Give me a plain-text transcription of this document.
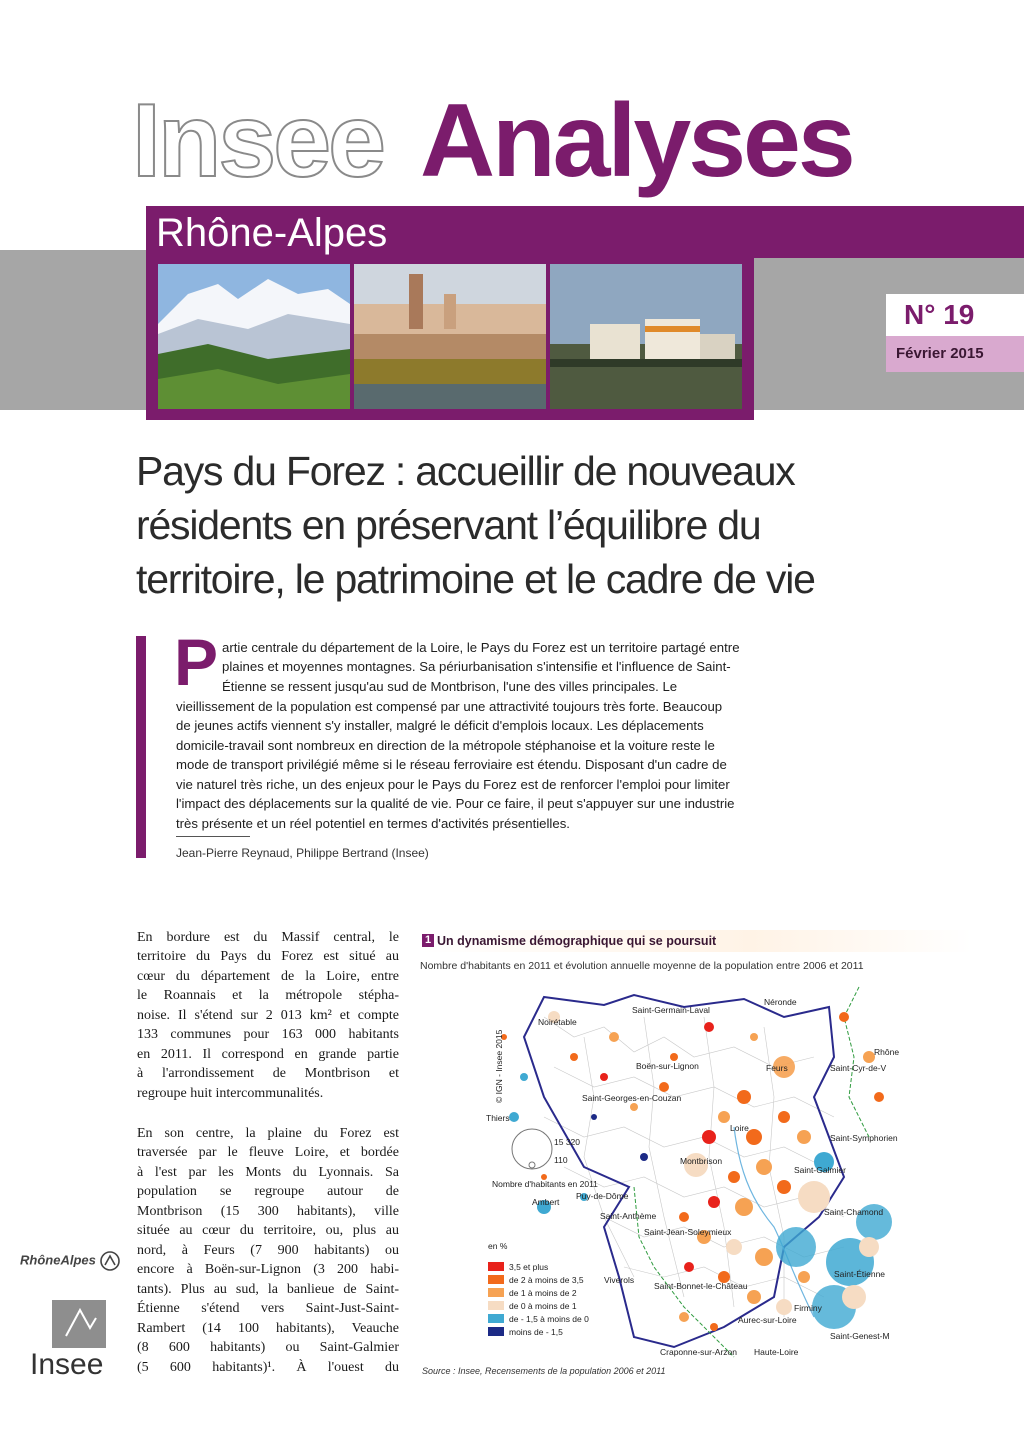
Insee Analyses
Rhône-Alpes
N° 19
Février 2015
Pays du Forez : accueillir de nouveaux résidents en préservant l’équilibre du territoire, le patrimoine et le cadre de vie
P artie centrale du département de la Loire, le Pays du Forez est un territoire partagé entre
plaines et moyennes montagnes. Sa périurbanisation s'intensifie et l'influence de Saint-
Étienne se ressent jusqu'au sud de Montbrison, l'une des villes principales. Le
vieillissement de la population est compensé par une attractivité toujours très forte. Beaucoup
de jeunes actifs viennent s'y installer, malgré le déficit d'emplois locaux. Les déplacements
domicile-travail sont nombreux en direction de la métropole stéphanoise et la voiture reste le
mode de transport privilégié même si le réseau ferroviaire est étendu. Disposant d'un cadre de
vie naturel très riche, un des enjeux pour le Pays du Forez est de renforcer l'emploi pour limiter
l'impact des déplacements sur la qualité de vie. Pour ce faire, il peut s'appuyer sur une industrie
très présente et un réel potentiel en termes d'activités présentielles.
Jean-Pierre Reynaud, Philippe Bertrand (Insee)
En bordure est du Massif central, le
territoire du Pays du Forez est situé au
cœur du département de la Loire, entre
le Roannais et la métropole stépha-
noise. Il s'étend sur 2 013 km² et compte
133 communes pour 163 000 habitants
en 2011. Il correspond en grande partie
à l'arrondissement de Montbrison et
regroupe huit intercommunalités.
En son centre, la plaine du Forez est
traversée par le fleuve Loire, et bordée
à l'est par les Monts du Lyonnais. Sa
population se regroupe autour de
Montbrison (15 300 habitants), ville
située au cœur du territoire, ou, plus au
nord, à Feurs (7 900 habitants) ou
encore à Boën-sur-Lignon (3 200 habi-
tants). Plus au sud, la banlieue de Saint-
Étienne s'étend vers Saint-Just-Saint-
Rambert (14 100 habitants), Veauche
(8 600 habitants) ou Saint-Galmier
(5 600 habitants)¹. À l'ouest du
RhôneAlpes
Insee
1 Un dynamisme démographique qui se poursuit
Nombre d'habitants en 2011 et évolution annuelle moyenne de la population entre 2006 et 2011
15 320
110
Nombre d'habitants en 2011
en %
3,5 et plus
de 2 à moins de 3,5
de 1 à moins de 2
de 0 à moins de 1
de - 1,5 à moins de 0
moins de - 1,5
© IGN - Insee 2015
Saint-Germain-Laval
Néronde
Noirétable
Boën-sur-Lignon	Feurs	Saint-Cyr-de-V
Saint-Georges-en-Couzan
Thiers
Loire
Rhône
Saint-Symphorien
Montbrison
Saint-Galmier
Ambert
Puy-de-Dôme
Saint-Anthème
Saint-Jean-Soleymieux
Saint-Chamond
Viverols
Saint-Bonnet-le-Château
Saint-Étienne
Firminy
Aurec-sur-Loire
Saint-Genest-M
Haute-Loire
Craponne-sur-Arzon
Source : Insee, Recensements de la population 2006 et 2011
